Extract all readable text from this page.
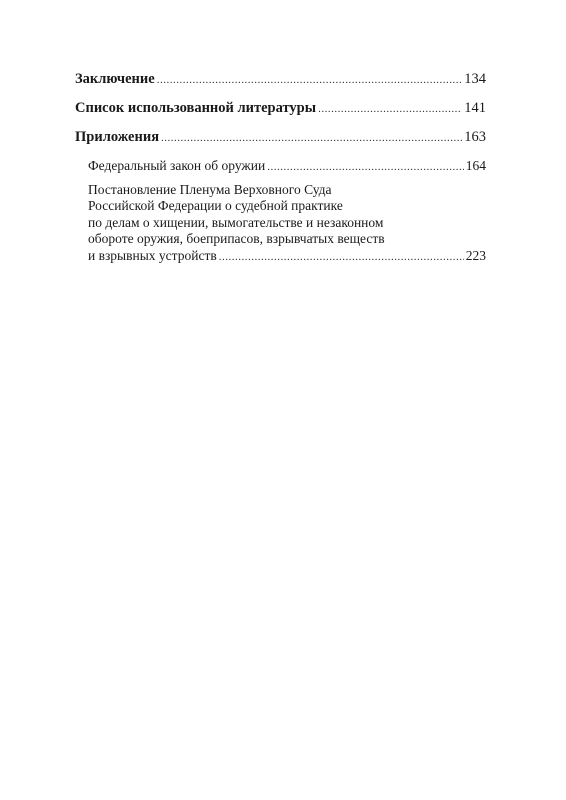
Заключение .....	134
Список использованной литературы .....	141
Приложения .....	163
Федеральный закон об оружии .....	164
Постановление Пленума Верховного Суда
Российской Федерации о судебной практике
по делам о хищении, вымогательстве и незаконном
обороте оружия, боеприпасов, взрывчатых веществ
и взрывных устройств .....	223
